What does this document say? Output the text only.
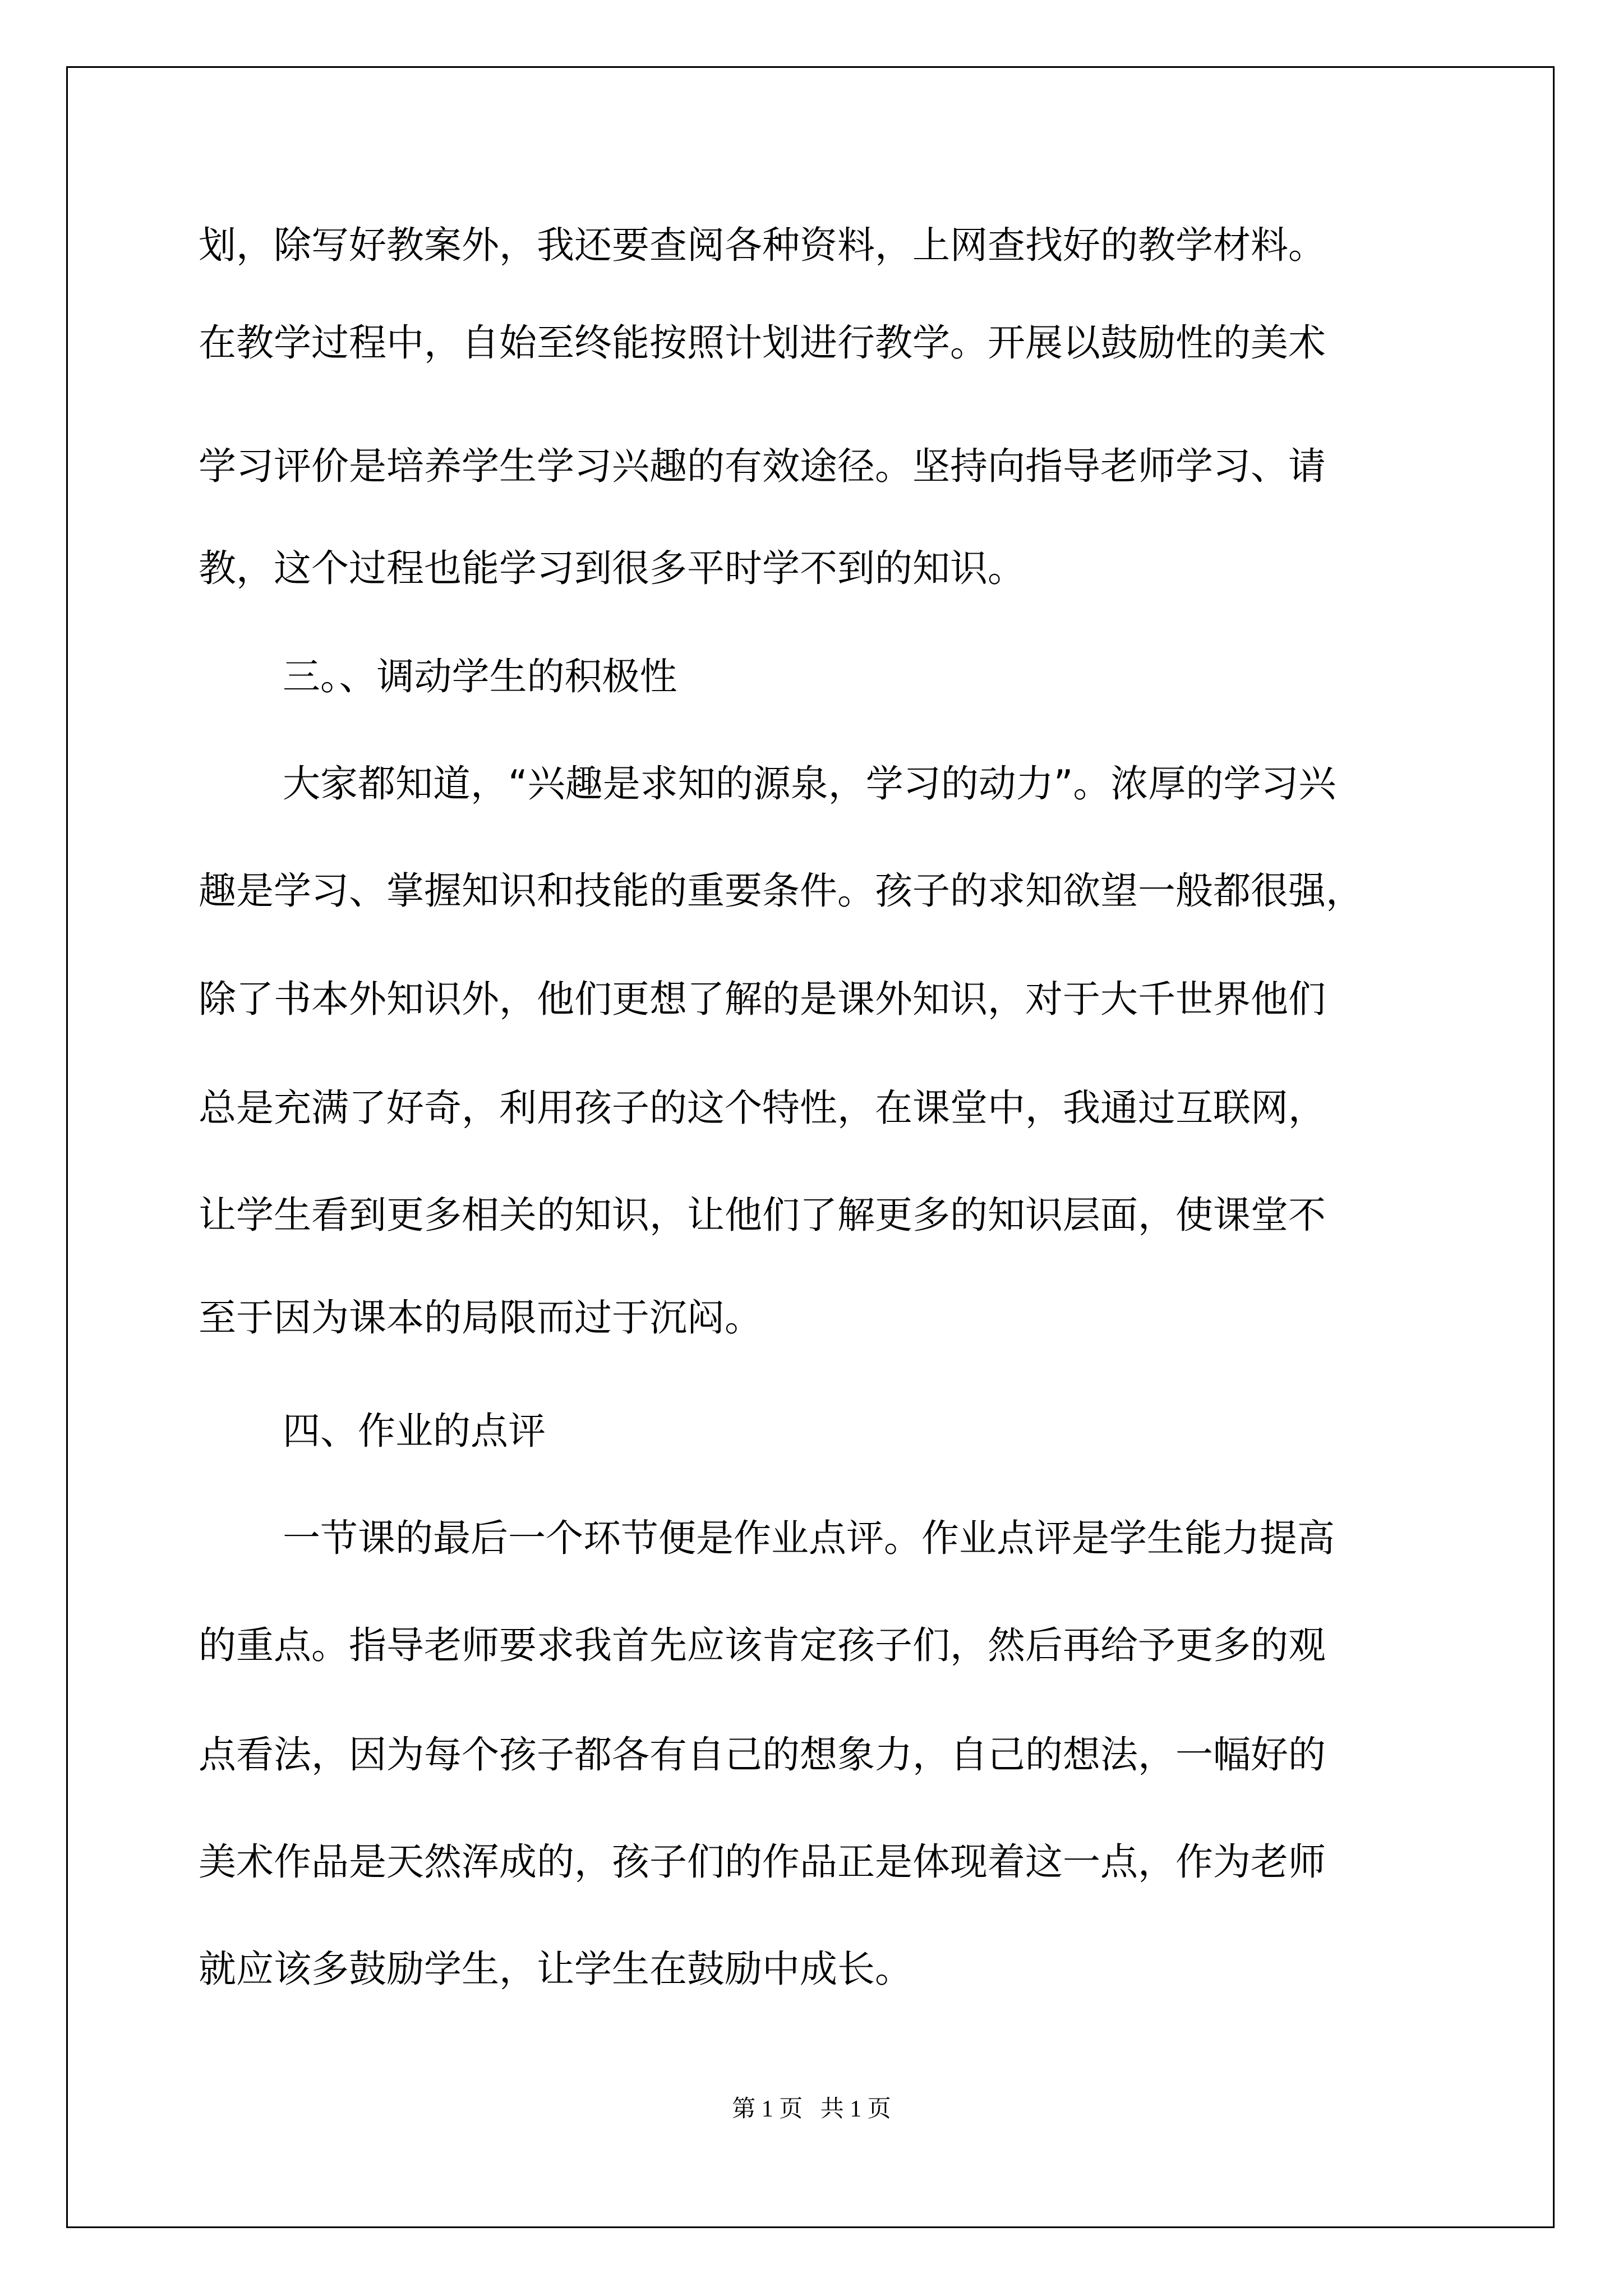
划，除写好教案外，我还要查阅各种资料，上网查找好的教学材料。
在教学过程中，自始至终能按照计划进行教学。开展以鼓励性的美术
学习评价是培养学生学习兴趣的有效途径。坚持向指导老师学习、请
教，这个过程也能学习到很多平时学不到的知识。
三。、调动学生的积极性
大家都知道，“兴趣是求知的源泉，学习的动力”。浓厚的学习兴
趣是学习、掌握知识和技能的重要条件。孩子的求知欲望一般都很强，
除了书本外知识外，他们更想了解的是课外知识，对于大千世界他们
总是充满了好奇，利用孩子的这个特性，在课堂中，我通过互联网，
让学生看到更多相关的知识，让他们了解更多的知识层面，使课堂不
至于因为课本的局限而过于沉闷。
四、作业的点评
一节课的最后一个环节便是作业点评。作业点评是学生能力提高
的重点。指导老师要求我首先应该肯定孩子们，然后再给予更多的观
点看法，因为每个孩子都各有自己的想象力，自己的想法，一幅好的
美术作品是天然浑成的，孩子们的作品正是体现着这一点，作为老师
就应该多鼓励学生，让学生在鼓励中成长。
第 1 页   共 1 页
